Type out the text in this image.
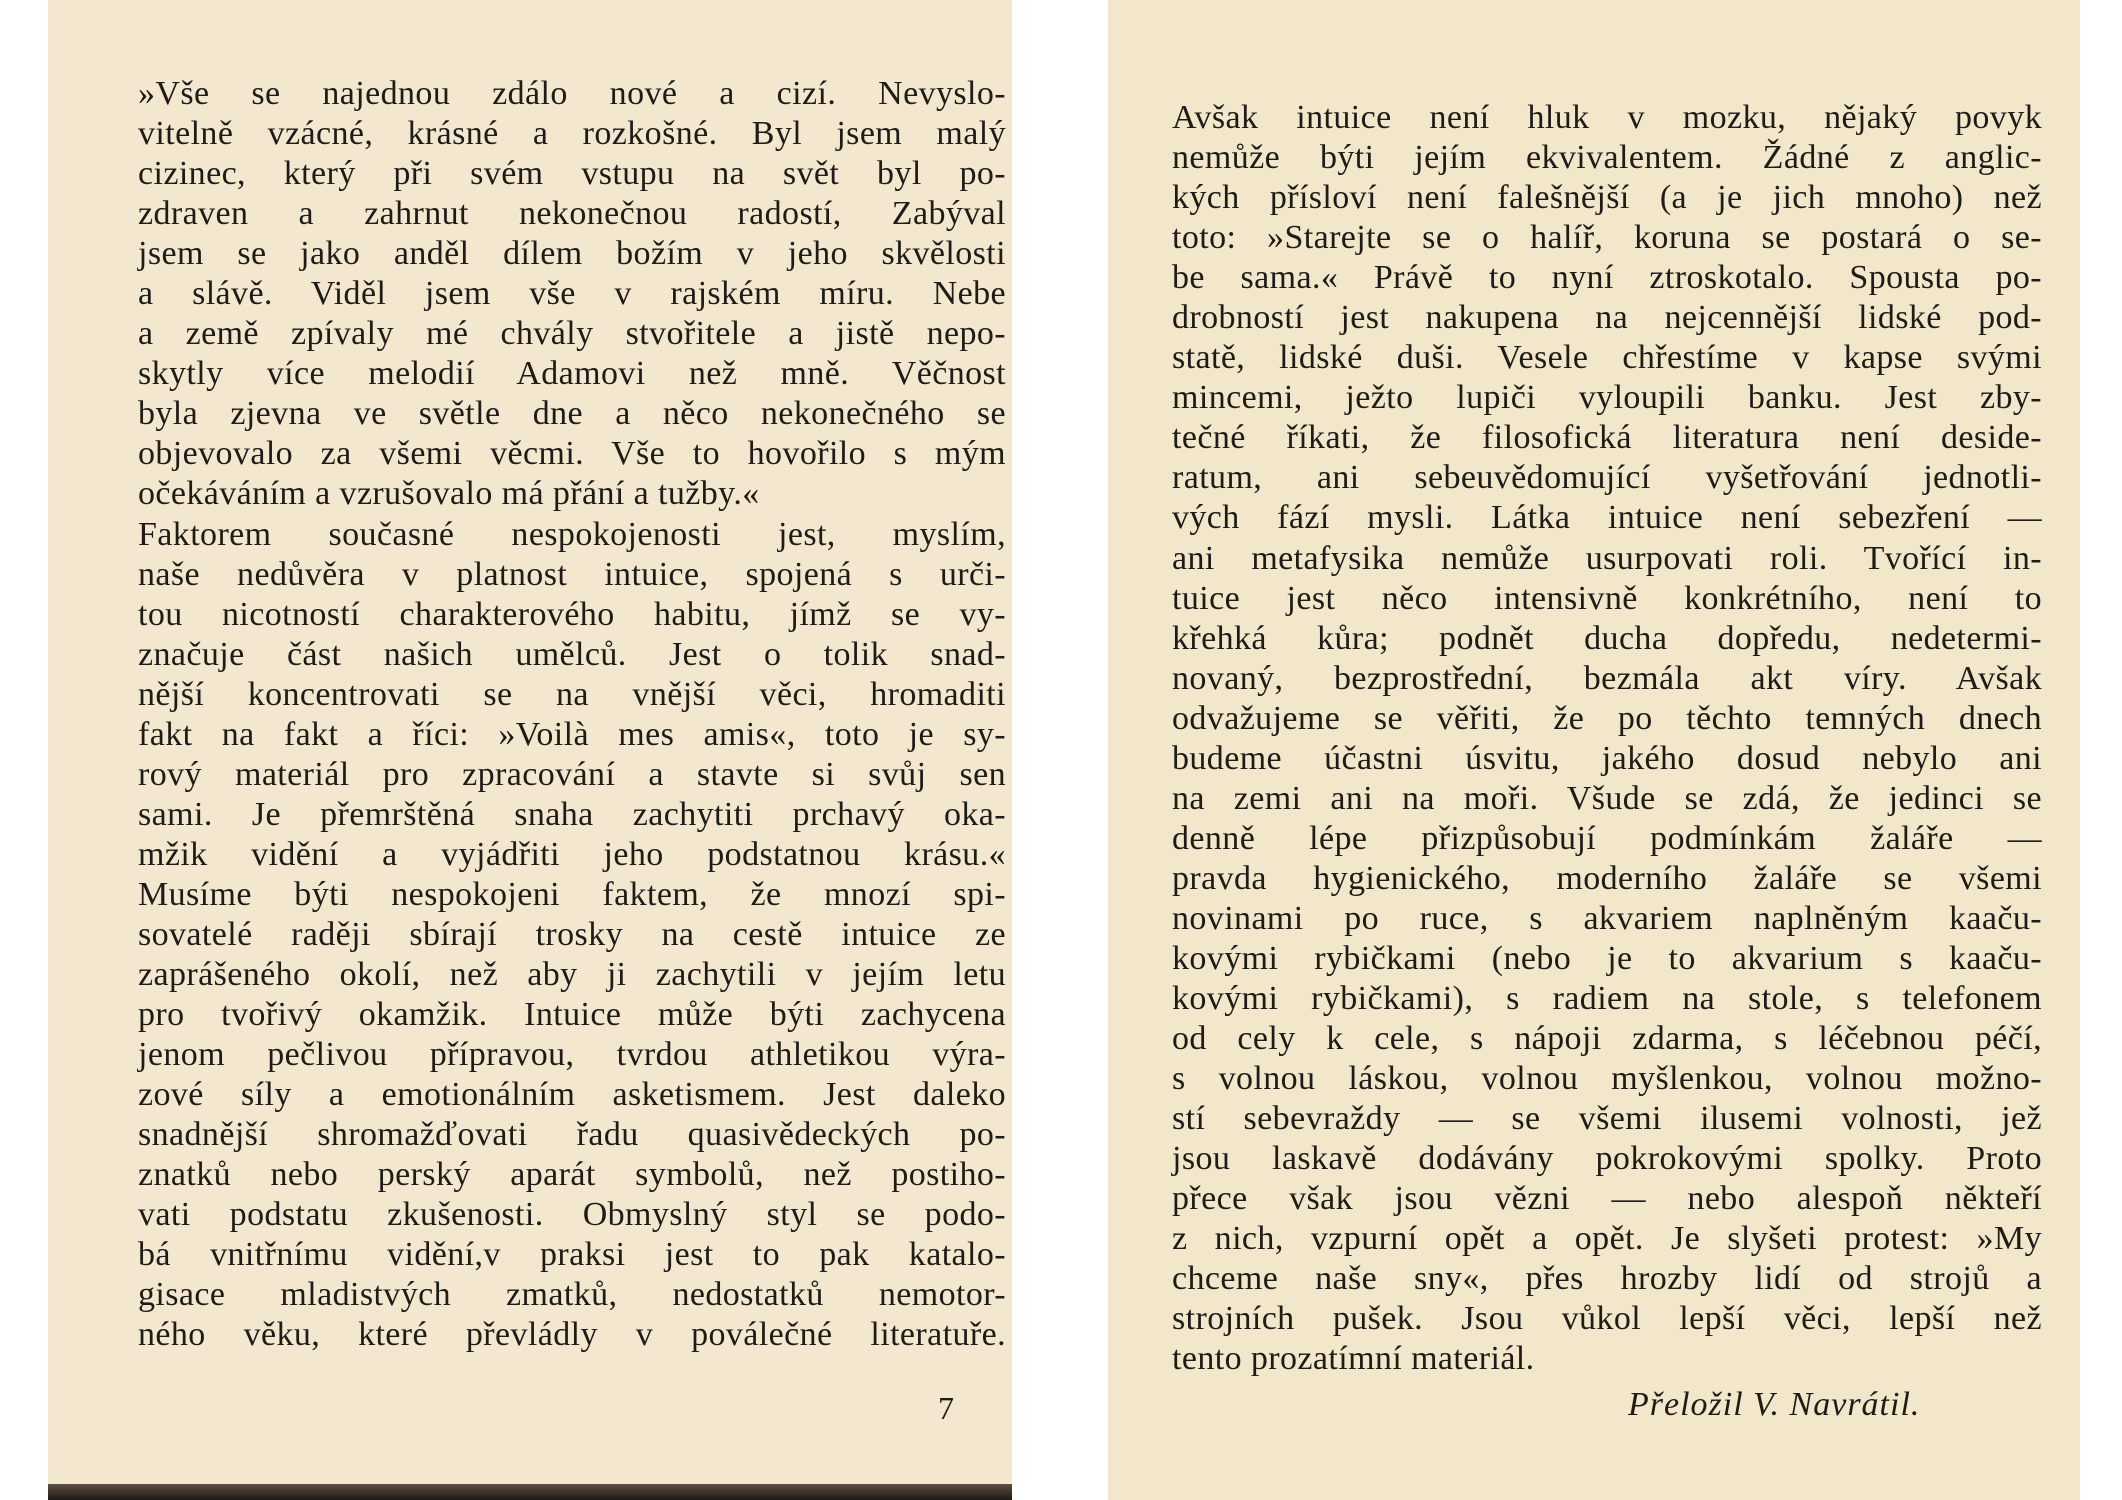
»Vše se najednou zdálo nové a cizí. Nevyslo-
vitelně vzácné, krásné a rozkošné. Byl jsem malý
cizinec, který při svém vstupu na svět byl po-
zdraven a zahrnut nekonečnou radostí, Zabýval
jsem se jako anděl dílem božím v jeho skvělosti
a slávě. Viděl jsem vše v rajském míru. Nebe
a země zpívaly mé chvály stvořitele a jistě nepo-
skytly více melodií Adamovi než mně. Věčnost
byla zjevna ve světle dne a něco nekonečného se
objevovalo za všemi věcmi. Vše to hovořilo s mým
očekáváním a vzrušovalo má přání a tužby.«
Faktorem současné nespokojenosti jest, myslím,
naše nedůvěra v platnost intuice, spojená s urči-
tou nicotností charakterového habitu, jímž se vy-
značuje část našich umělců. Jest o tolik snad-
nější koncentrovati se na vnější věci, hromaditi
fakt na fakt a říci: »Voilà mes amis«, toto je sy-
rový materiál pro zpracování a stavte si svůj sen
sami. Je přemrštěná snaha zachytiti prchavý oka-
mžik vidění a vyjádřiti jeho podstatnou krásu.«
Musíme býti nespokojeni faktem, že mnozí spi-
sovatelé raději sbírají trosky na cestě intuice ze
zaprášeného okolí, než aby ji zachytili v jejím letu
pro tvořivý okamžik. Intuice může býti zachycena
jenom pečlivou přípravou, tvrdou athletikou výra-
zové síly a emotionálním asketismem. Jest daleko
snadnější shromažďovati řadu quasivědeckých po-
znatků nebo perský aparát symbolů, než postiho-
vati podstatu zkušenosti. Obmyslný styl se podo-
bá vnitřnímu vidění,v praksi jest to pak katalo-
gisace mladistvých zmatků, nedostatků nemotor-
ného věku, které převládly v poválečné literatuře.
7
Avšak intuice není hluk v mozku, nějaký povyk
nemůže býti jejím ekvivalentem. Žádné z anglic-
kých přísloví není falešnější (a je jich mnoho) než
toto: »Starejte se o halíř, koruna se postará o se-
be sama.« Právě to nyní ztroskotalo. Spousta po-
drobností jest nakupena na nejcennější lidské pod-
statě, lidské duši. Vesele chřestíme v kapse svými
mincemi, ježto lupiči vyloupili banku. Jest zby-
tečné říkati, že filosofická literatura není deside-
ratum, ani sebeuvědomující vyšetřování jednotli-
vých fází mysli. Látka intuice není sebezření —
ani metafysika nemůže usurpovati roli. Tvořící in-
tuice jest něco intensivně konkrétního, není to
křehká kůra; podnět ducha dopředu, nedetermi-
novaný, bezprostřední, bezmála akt víry. Avšak
odvažujeme se věřiti, že po těchto temných dnech
budeme účastni úsvitu, jakého dosud nebylo ani
na zemi ani na moři. Všude se zdá, že jedinci se
denně lépe přizpůsobují podmínkám žaláře —
pravda hygienického, moderního žaláře se všemi
novinami po ruce, s akvariem naplněným kaaču-
kovými rybičkami (nebo je to akvarium s kaaču-
kovými rybičkami), s radiem na stole, s telefonem
od cely k cele, s nápoji zdarma, s léčebnou péčí,
s volnou láskou, volnou myšlenkou, volnou možno-
stí sebevraždy — se všemi ilusemi volnosti, jež
jsou laskavě dodávány pokrokovými spolky. Proto
přece však jsou vězni — nebo alespoň někteří
z nich, vzpurní opět a opět. Je slyšeti protest: »My
chceme naše sny«, přes hrozby lidí od strojů a
strojních pušek. Jsou vůkol lepší věci, lepší než
tento prozatímní materiál.
Přeložil V. Navrátil.
